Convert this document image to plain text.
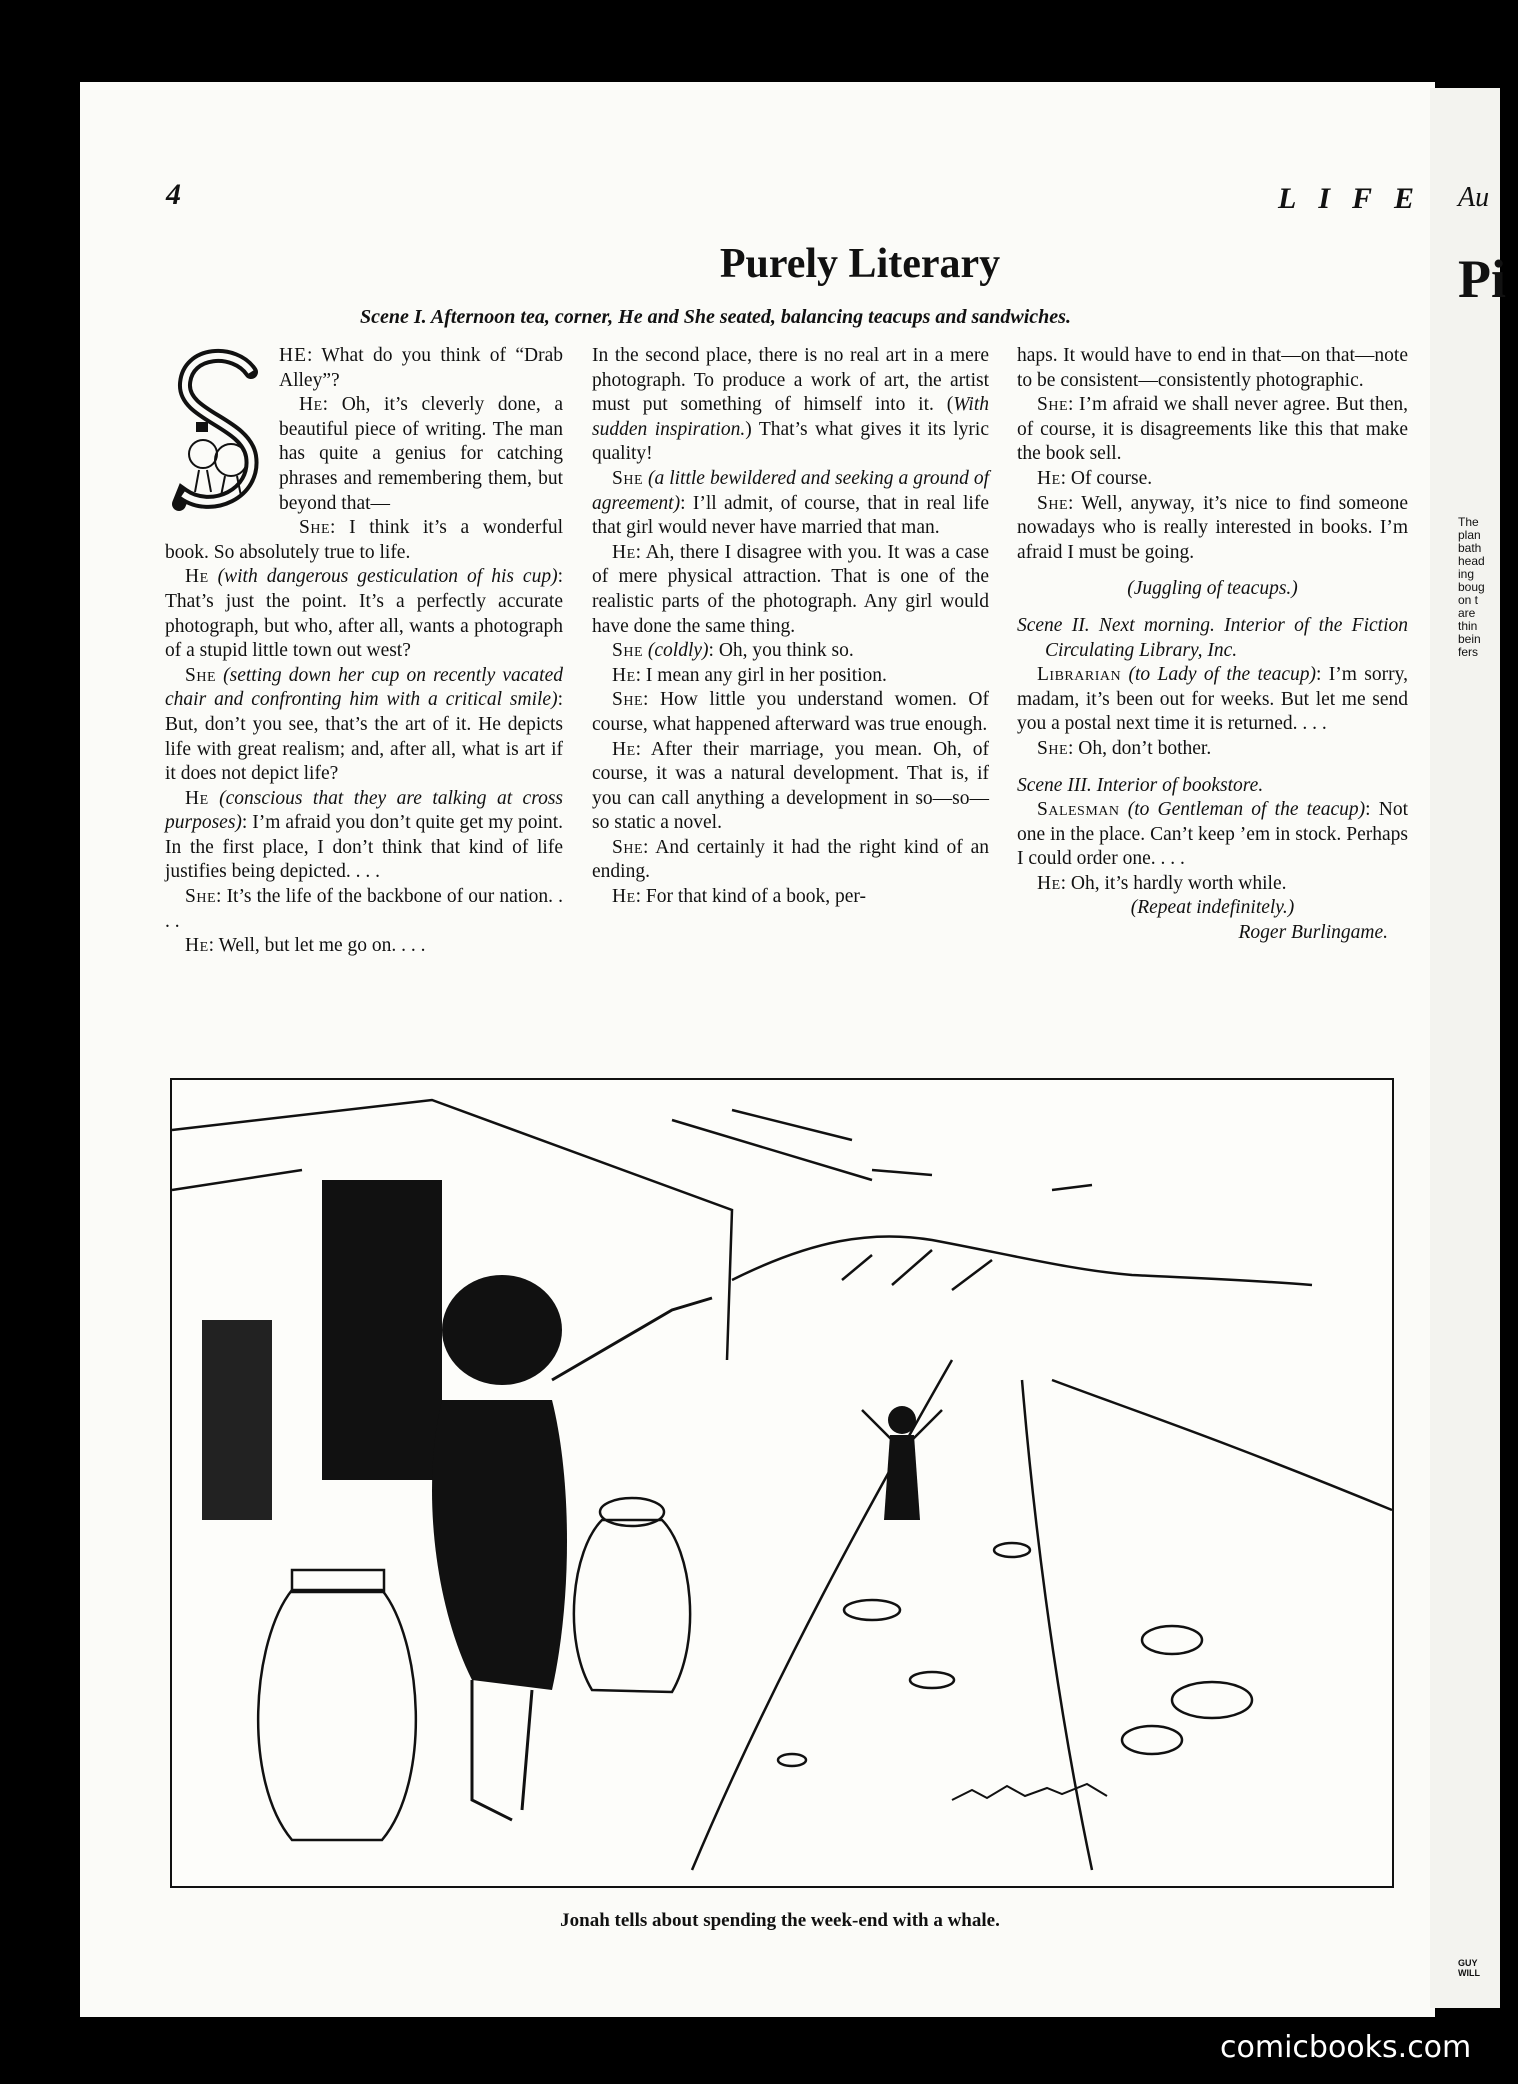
Au
Pi
The
plan
bath
head
ing
boug
on t
are
thin
bein
fers
GUY
WILL
4	LIFE
Purely Literary
Scene I. Afternoon tea, corner, He and She seated, balancing teacups and sandwiches.

HE: What do you think of “Drab Alley”?

He: Oh, it’s cleverly done, a beautiful piece of writing. The man has quite a genius for catching phrases and remembering them, but beyond that—

She: I think it’s a wonderful book. So absolutely true to life.

He (with dangerous gesticulation of his cup): That’s just the point. It’s a perfectly accurate photograph, but who, after all, wants a photograph of a stupid little town out west?

She (setting down her cup on recently vacated chair and confronting him with a critical smile): But, don’t you see, that’s the art of it. He depicts life with great realism; and, after all, what is art if it does not depict life?

He (conscious that they are talking at cross purposes): I’m afraid you don’t quite get my point. In the first place, I don’t think that kind of life justifies being depicted. . . .

She: It’s the life of the backbone of our nation. . . .

He: Well, but let me go on. . . .

In the second place, there is no real art in a mere photograph. To produce a work of art, the artist must put something of himself into it. (With sudden inspiration.) That’s what gives it its lyric quality!

She (a little bewildered and seeking a ground of agreement): I’ll admit, of course, that in real life that girl would never have married that man.

He: Ah, there I disagree with you. It was a case of mere physical attraction. That is one of the realistic parts of the photograph. Any girl would have done the same thing.

She (coldly): Oh, you think so.

He: I mean any girl in her position.

She: How little you understand women. Of course, what happened afterward was true enough.

He: After their marriage, you mean. Oh, of course, it was a natural development. That is, if you can call anything a development in so—so—so static a novel.

She: And certainly it had the right kind of an ending.

He: For that kind of a book, per-

haps. It would have to end in that—on that—note to be consistent—consistently photographic.

She: I’m afraid we shall never agree. But then, of course, it is disagreements like this that make the book sell.

He: Of course.

She: Well, anyway, it’s nice to find someone nowadays who is really interested in books. I’m afraid I must be going.

(Juggling of teacups.)

Scene II. Next morning. Interior of the Fiction Circulating Library, Inc.

Librarian (to Lady of the teacup): I’m sorry, madam, it’s been out for weeks. But let me send you a postal next time it is returned. . . .

She: Oh, don’t bother.

Scene III. Interior of bookstore.

Salesman (to Gentleman of the teacup): Not one in the place. Can’t keep ’em in stock. Perhaps I could order one. . . .

He: Oh, it’s hardly worth while.

(Repeat indefinitely.)

Roger Burlingame.

Jonah tells about spending the week-end with a whale.
comicbooks.com
